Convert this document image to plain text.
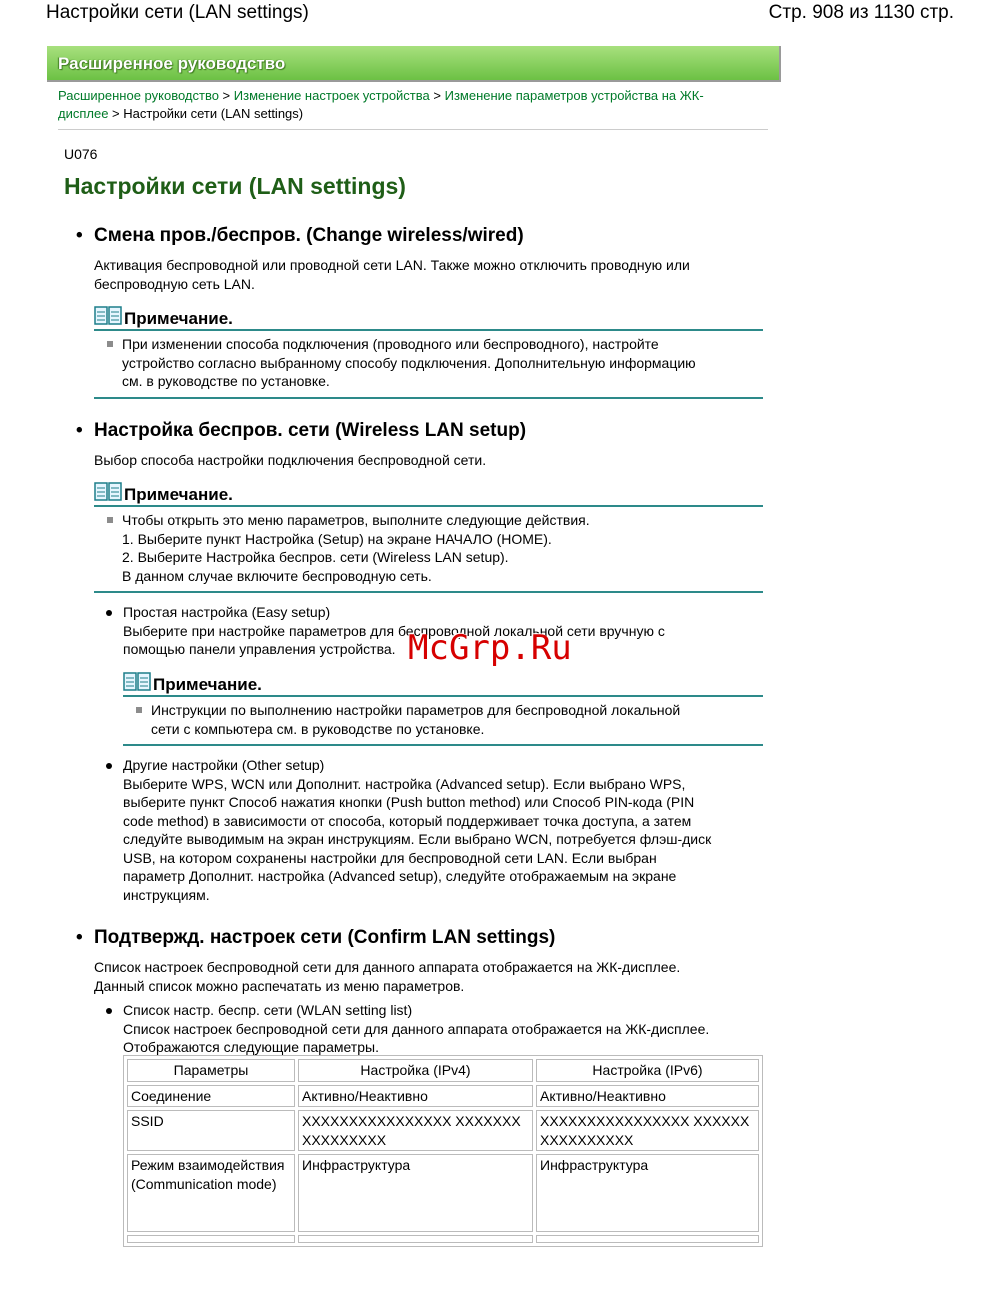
Настройки сети (LAN settings)	Стр. 908 из 1130 стр.
Расширенное руководство
Расширенное руководство > Изменение настроек устройства > Изменение параметров устройства на ЖК-
дисплее > Настройки сети (LAN settings)
U076
Настройки сети (LAN settings)
• Смена пров./беспров. (Change wireless/wired)
Активация беспроводной или проводной сети LAN. Также можно отключить проводную или
беспроводную сеть LAN.
Примечание.
При изменении способа подключения (проводного или беспроводного), настройте
устройство согласно выбранному способу подключения. Дополнительную информацию
см. в руководстве по установке.
• Настройка беспров. сети (Wireless LAN setup)
Выбор способа настройки подключения беспроводной сети.
Примечание.
Чтобы открыть это меню параметров, выполните следующие действия.
1. Выберите пункт Настройка (Setup) на экране НАЧАЛО (HOME).
2. Выберите Настройка беспров. сети (Wireless LAN setup).
В данном случае включите беспроводную сеть.
Простая настройка (Easy setup)
Выберите при настройке параметров для беспроводной локальной сети вручную с
помощью панели управления устройства.
Примечание.
Инструкции по выполнению настройки параметров для беспроводной локальной
сети с компьютера см. в руководстве по установке.
McGrp.Ru
Другие настройки (Other setup)
Выберите WPS, WCN или Дополнит. настройка (Advanced setup). Если выбрано WPS,
выберите пункт Способ нажатия кнопки (Push button method) или Способ PIN-кода (PIN
code method) в зависимости от способа, который поддерживает точка доступа, а затем
следуйте выводимым на экран инструкциям. Если выбрано WCN, потребуется флэш-диск
USB, на котором сохранены настройки для беспроводной сети LAN. Если выбран
параметр Дополнит. настройка (Advanced setup), следуйте отображаемым на экране
инструкциям.
• Подтвержд. настроек сети (Confirm LAN settings)
Список настроек беспроводной сети для данного аппарата отображается на ЖК-дисплее.
Данный список можно распечатать из меню параметров.
Список настр. беспр. сети (WLAN setting list)
Список настроек беспроводной сети для данного аппарата отображается на ЖК-дисплее.
Отображаются следующие параметры.
Параметры	Настройка (IPv4)	Настройка (IPv6)
Соединение	Активно/Неактивно	Активно/Неактивно
SSID	XXXXXXXXXXXXXXXX XXXXXXXXXXXXXXXX	XXXXXXXXXXXXXXXX XXXXXXXXXXXXXXXX
Режим взаимодействия (Communication mode)	Инфраструктура	Инфраструктура
